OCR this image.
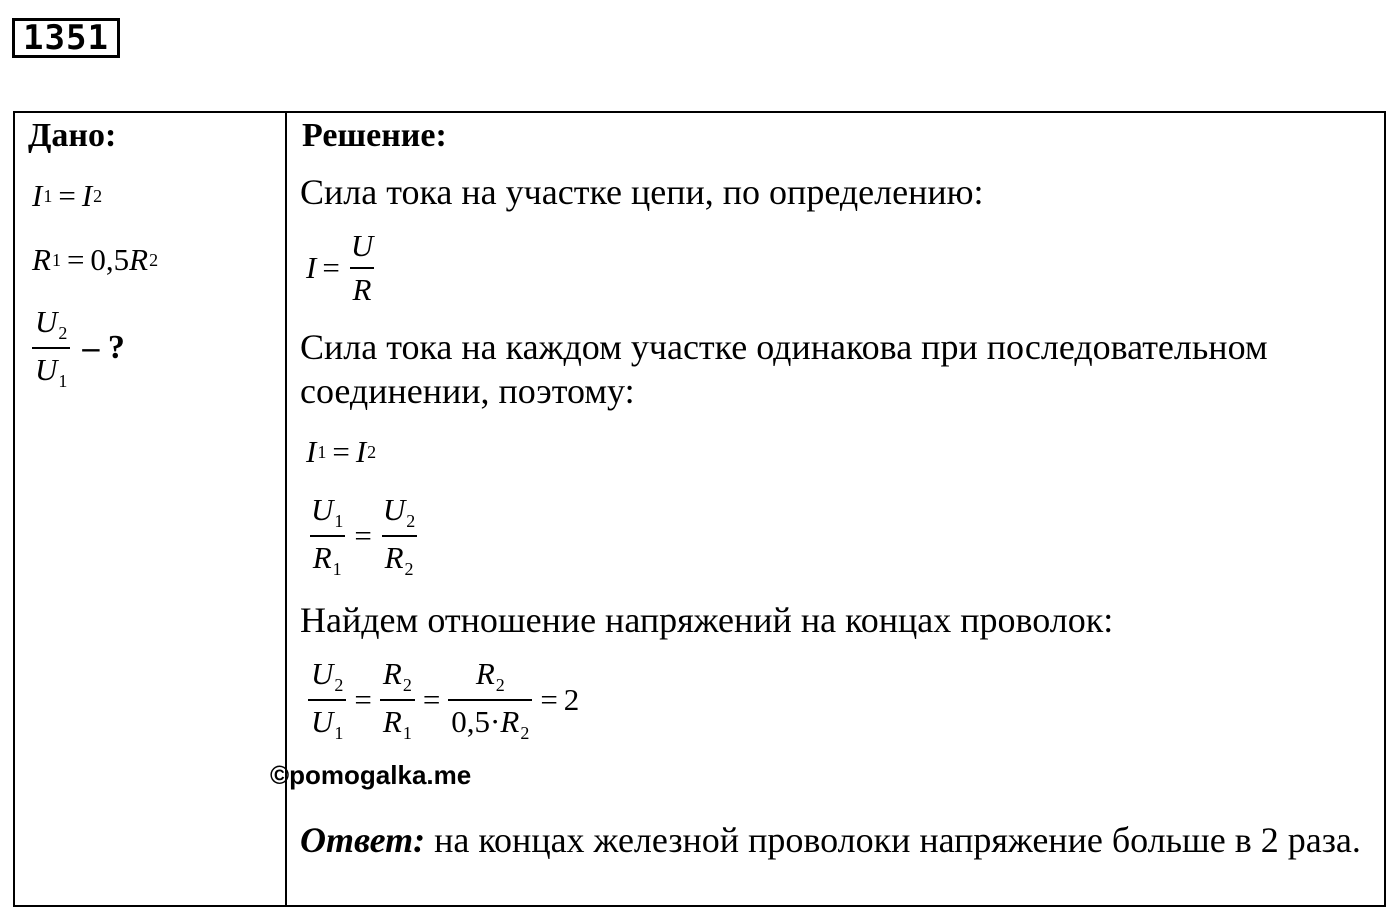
1351
Дано:
I 1 = I 2
R 1 = 0,5 R 2
$\frac{U_2}{U_1}$ – ?
Решение:
Сила тока на участке цепи, по определению:
$I = \frac{U}{R}$
Сила тока на каждом участке одинакова при последовательном
соединении, поэтому:
I 1 = I 2
$\frac{U_1}{R_1} = \frac{U_2}{R_2}$
Найдем отношение напряжений на концах проволок:
$\frac{U_2}{U_1} = \frac{R_2}{R_1} = \frac{R_2}{0,5\cdot R_2} = 2$
©pomogalka.me
Ответ: на концах железной проволоки напряжение больше в 2 раза.
